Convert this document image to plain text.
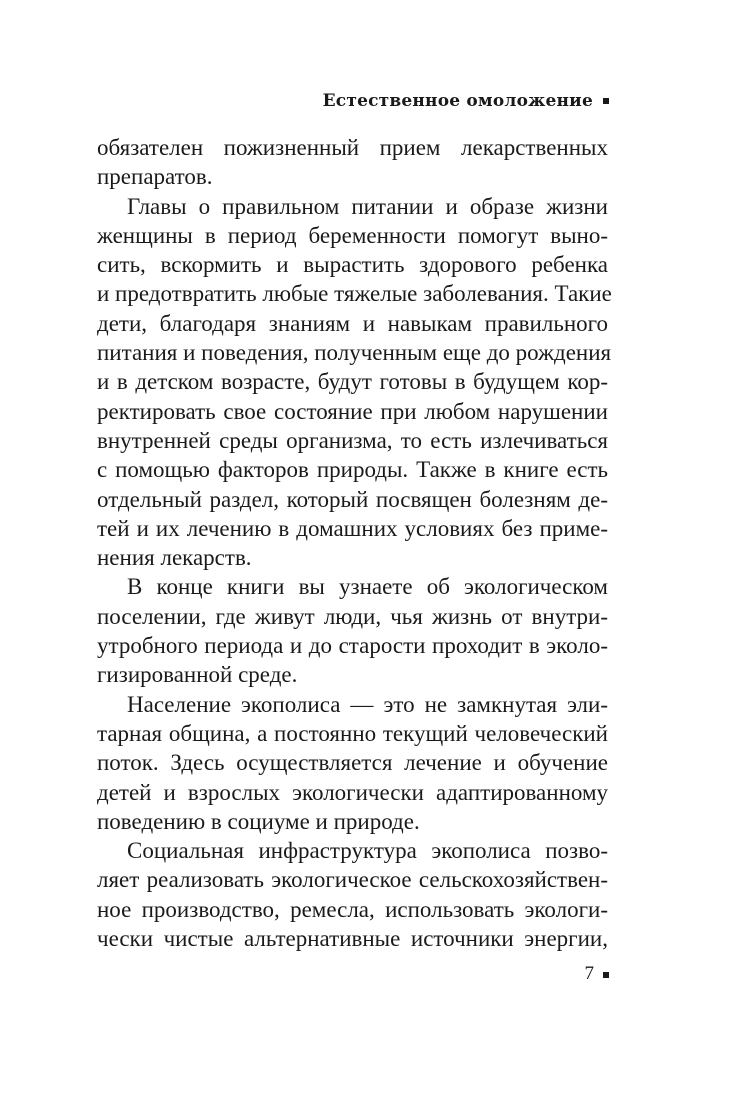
Естественное омоложение
обязателен пожизненный прием лекарственных
препаратов.
Главы о правильном питании и образе жизни
женщины в период беременности помогут выно-
сить, вскормить и вырастить здорового ребенка
и предотвратить любые тяжелые заболевания. Такие
дети, благодаря знаниям и навыкам правильного
питания и поведения, полученным еще до рождения
и в детском возрасте, будут готовы в будущем кор-
ректировать свое состояние при любом нарушении
внутренней среды организма, то есть излечиваться
с помощью факторов природы. Также в книге есть
отдельный раздел, который посвящен болезням де-
тей и их лечению в домашних условиях без приме-
нения лекарств.
В конце книги вы узнаете об экологическом
поселении, где живут люди, чья жизнь от внутри-
утробного периода и до старости проходит в эколо-
гизированной среде.
Население экополиса — это не замкнутая эли-
тарная община, а постоянно текущий человеческий
поток. Здесь осуществляется лечение и обучение
детей и взрослых экологически адаптированному
поведению в социуме и природе.
Социальная инфраструктура экополиса позво-
ляет реализовать экологическое сельскохозяйствен-
ное производство, ремесла, использовать экологи-
чески чистые альтернативные источники энергии,
7
